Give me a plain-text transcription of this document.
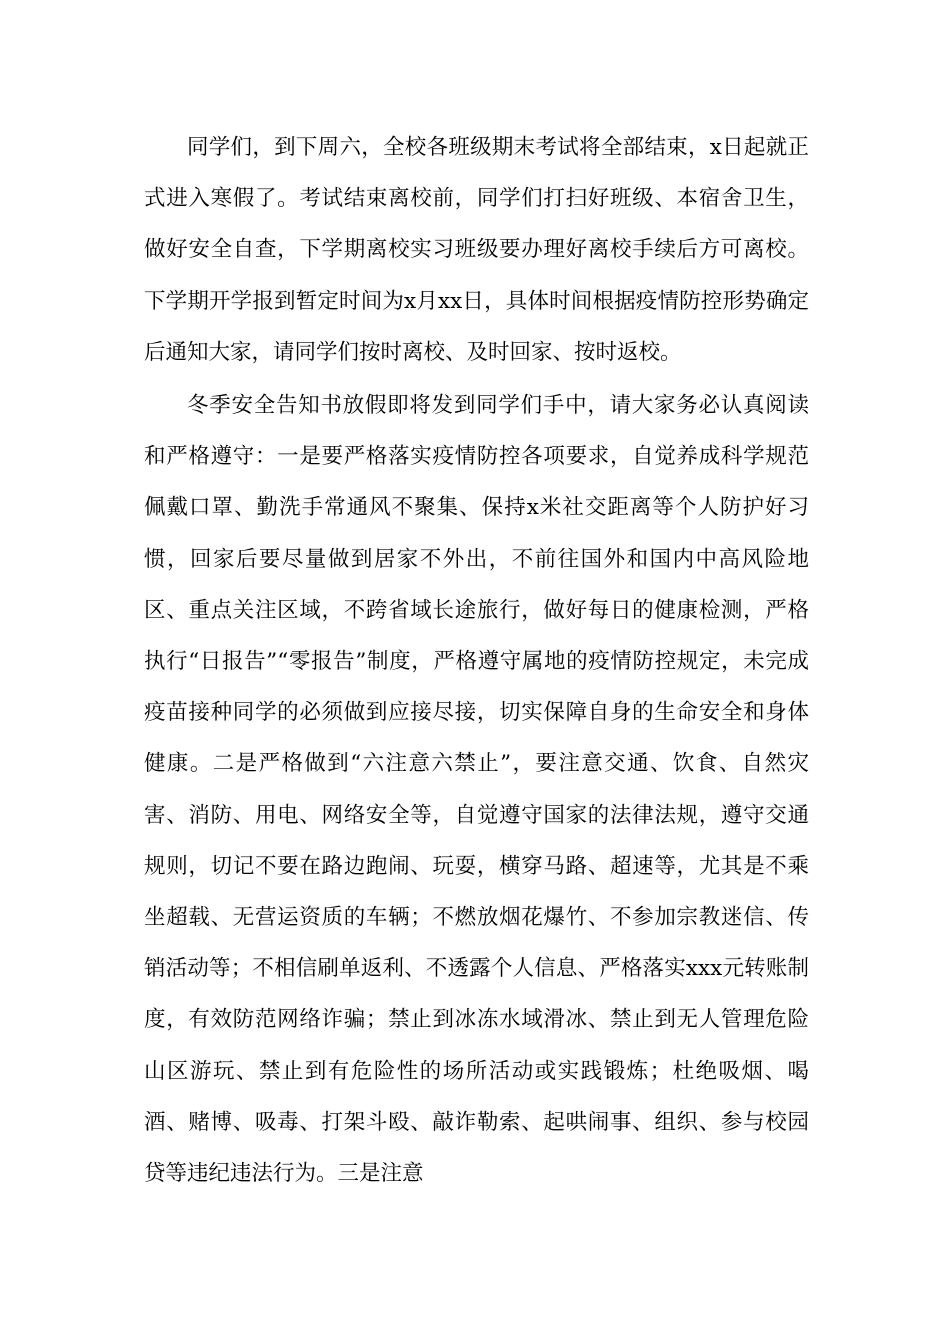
同学们，到下周六，全校各班级期末考试将全部结束，x日起就正式进入寒假了。考试结束离校前，同学们打扫好班级、本宿舍卫生，做好安全自查，下学期离校实习班级要办理好离校手续后方可离校。下学期开学报到暂定时间为x月xx日，具体时间根据疫情防控形势确定后通知大家，请同学们按时离校、及时回家、按时返校。

冬季安全告知书放假即将发到同学们手中，请大家务必认真阅读和严格遵守：一是要严格落实疫情防控各项要求，自觉养成科学规范佩戴口罩、勤洗手常通风不聚集、保持x米社交距离等个人防护好习惯，回家后要尽量做到居家不外出，不前往国外和国内中高风险地区、重点关注区域，不跨省域长途旅行，做好每日的健康检测，严格执行“日报告”“零报告”制度，严格遵守属地的疫情防控规定，未完成疫苗接种同学的必须做到应接尽接，切实保障自身的生命安全和身体健康。二是严格做到“六注意六禁止”，要注意交通、饮食、自然灾害、消防、用电、网络安全等，自觉遵守国家的法律法规，遵守交通规则，切记不要在路边跑闹、玩耍，横穿马路、超速等，尤其是不乘坐超载、无营运资质的车辆；不燃放烟花爆竹、不参加宗教迷信、传销活动等；不相信刷单返利、不透露个人信息、严格落实xxx元转账制度，有效防范网络诈骗；禁止到冰冻水域滑冰、禁止到无人管理危险山区游玩、禁止到有危险性的场所活动或实践锻炼；杜绝吸烟、喝酒、赌博、吸毒、打架斗殴、敲诈勒索、起哄闹事、组织、参与校园贷等违纪违法行为。三是注意
